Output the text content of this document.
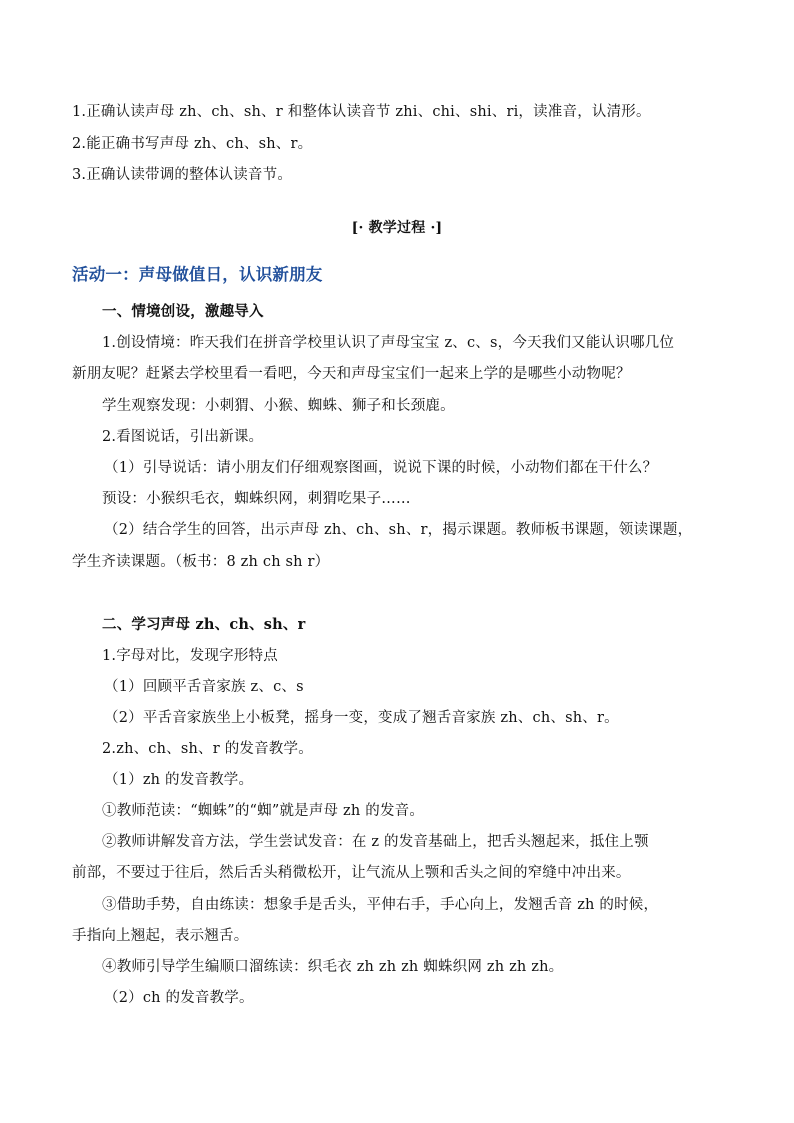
1.正确认读声母 zh、ch、sh、r 和整体认读音节 zhi、chi、shi、ri，读准音，认清形。
2.能正确书写声母 zh、ch、sh、r。
3.正确认读带调的整体认读音节。
[· 教学过程 ·]
活动一：声母做值日，认识新朋友
一、情境创设，激趣导入
1.创设情境：昨天我们在拼音学校里认识了声母宝宝 z、c、s，今天我们又能认识哪几位
新朋友呢？赶紧去学校里看一看吧，今天和声母宝宝们一起来上学的是哪些小动物呢？
学生观察发现：小刺猬、小猴、蜘蛛、狮子和长颈鹿。
2.看图说话，引出新课。
（1）引导说话：请小朋友们仔细观察图画，说说下课的时候，小动物们都在干什么？
预设：小猴织毛衣，蜘蛛织网，刺猬吃果子……
（2）结合学生的回答，出示声母 zh、ch、sh、r，揭示课题。教师板书课题，领读课题，
学生齐读课题。（板书：8 zh ch sh r）
二、学习声母 zh、ch、sh、r
1.字母对比，发现字形特点
（1）回顾平舌音家族 z、c、s
（2）平舌音家族坐上小板凳，摇身一变，变成了翘舌音家族 zh、ch、sh、r。
2.zh、ch、sh、r 的发音教学。
（1）zh 的发音教学。
①教师范读：“蜘蛛”的“蜘”就是声母 zh 的发音。
②教师讲解发音方法，学生尝试发音：在 z 的发音基础上，把舌头翘起来，抵住上颚
前部，不要过于往后，然后舌头稍微松开，让气流从上颚和舌头之间的窄缝中冲出来。
③借助手势，自由练读：想象手是舌头，平伸右手，手心向上，发翘舌音 zh 的时候，
手指向上翘起，表示翘舌。
④教师引导学生编顺口溜练读：织毛衣 zh zh zh 蜘蛛织网 zh zh zh。
（2）ch 的发音教学。
